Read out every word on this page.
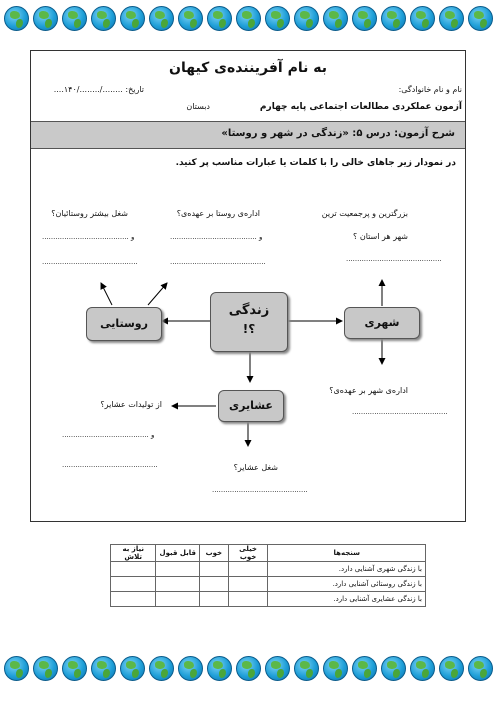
به نام آفریننده‌ی کیهان
نام و نام خانوادگی:
تاریخ: ......../......../۱۴۰....
آزمون عملکردی مطالعات اجتماعی پایه چهارم
دبستان
شرح آزمون: درس ۵: «زندگی در شهر و روستا»
در نمودار زیر جاهای خالی را با کلمات یا عبارات مناسب پر کنید.
زندگی
؟!
روستایی	شهری
عشایری
شغل بیشتر روستائیان؟
....................................... و
...........................................
اداره‌ی روستا بر عهده‌ی؟
....................................... و
...........................................
بزرگترین و پرجمعیت ترین
شهر هر استان ؟
...........................................
اداره‌ی شهر بر عهده‌ی؟
...........................................
از تولیدات عشایر؟
....................................... و
...........................................	شغل عشایر؟
...........................................
سنجه‌ها	خیلی خوب	خوب	قابل قبول	نیاز به تلاش
با زندگی شهری آشنایی دارد.				
با زندگی روستائی آشنایی دارد.				
با زندگی عشایری آشنایی دارد.				
